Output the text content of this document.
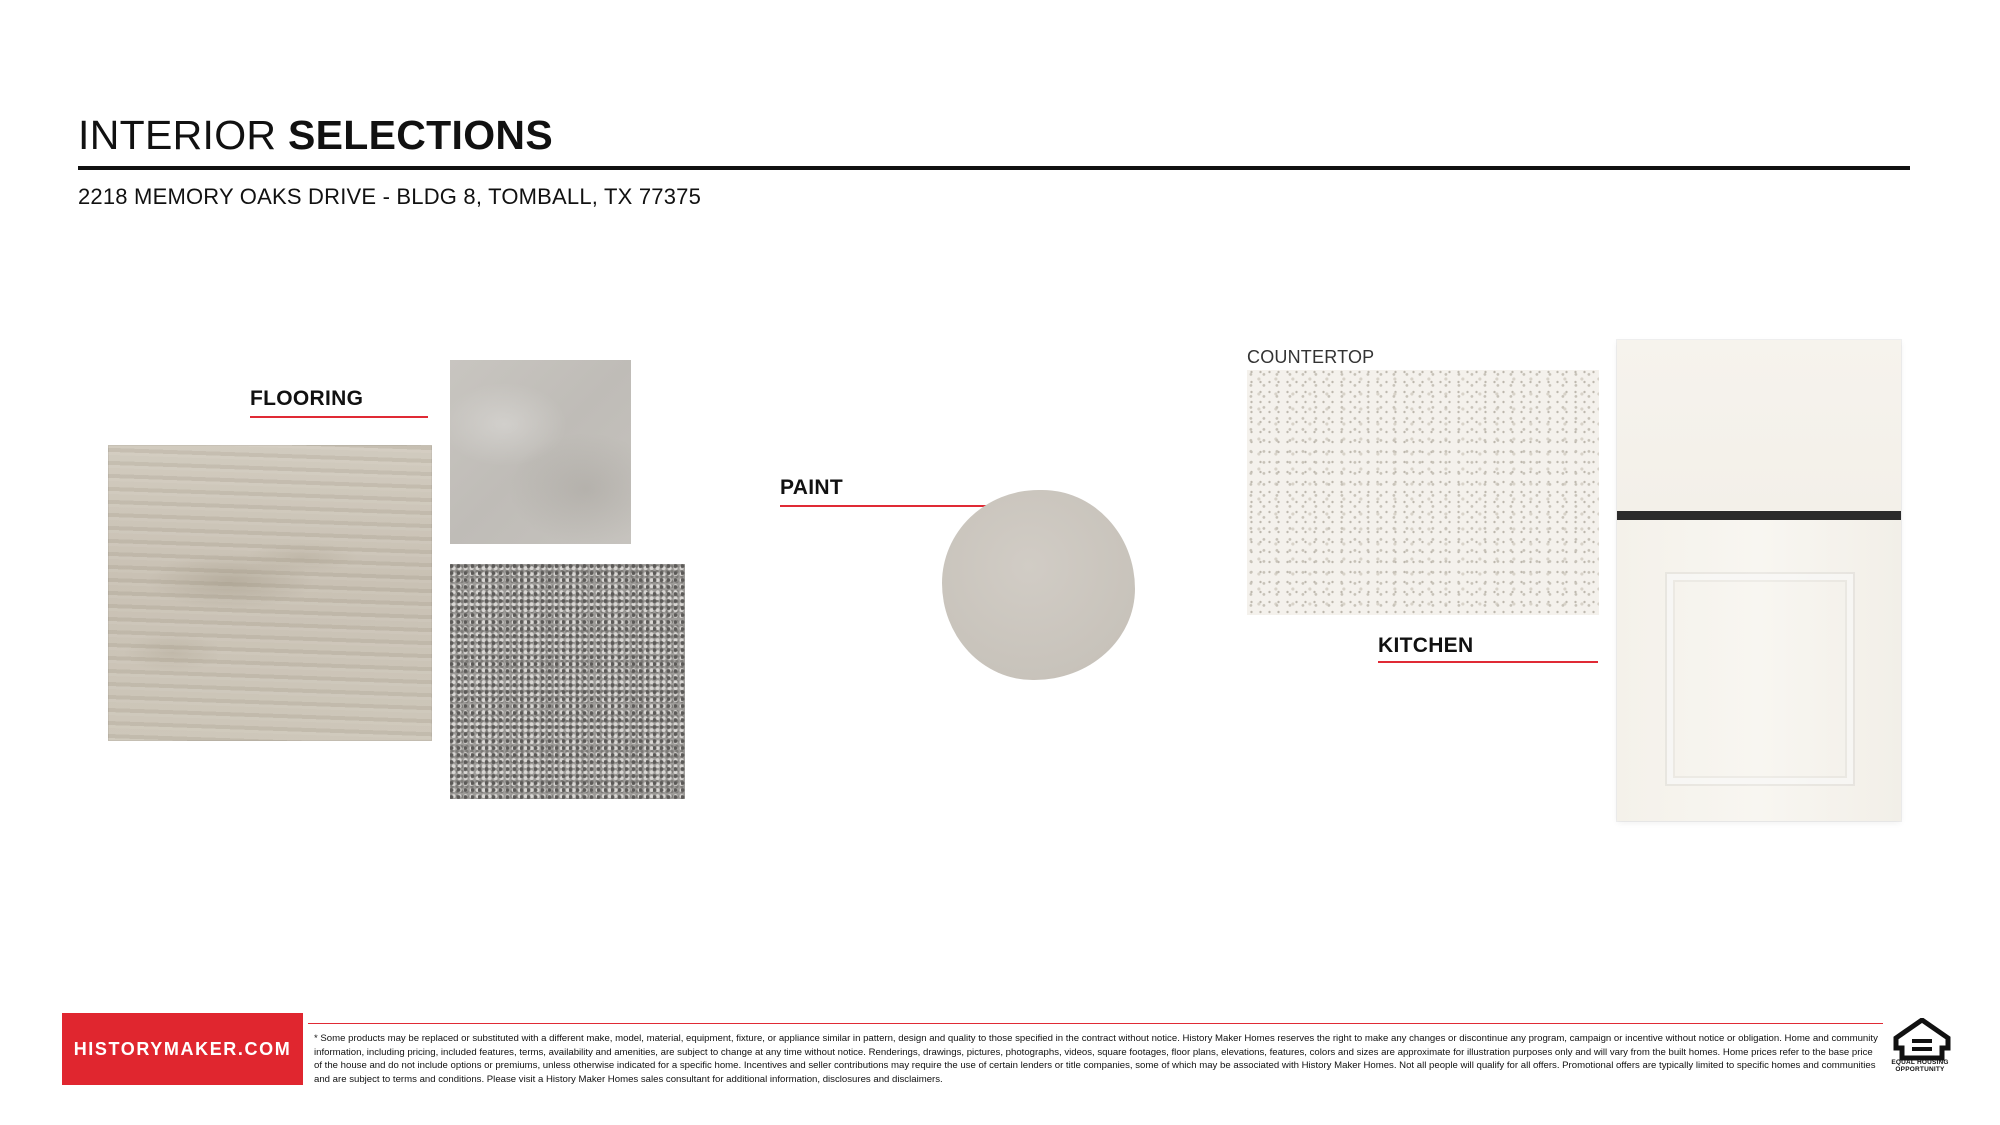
INTERIOR SELECTIONS
2218 MEMORY OAKS DRIVE - BLDG 8, TOMBALL, TX 77375
FLOORING
PAINT
COUNTERTOP
KITCHEN
HISTORYMAKER.COM	* Some products may be replaced or substituted with a different make, model, material, equipment, fixture, or appliance similar in pattern, design and quality to those specified in the contract without notice. History Maker Homes reserves the right to make any changes or discontinue any program, campaign or incentive without notice or obligation. Home and community information, including pricing, included features, terms, availability and amenities, are subject to change at any time without notice. Renderings, drawings, pictures, photographs, videos, square footages, floor plans, elevations, features, colors and sizes are approximate for illustration purposes only and will vary from the built homes. Home prices refer to the base price of the house and do not include options or premiums, unless otherwise indicated for a specific home. Incentives and seller contributions may require the use of certain lenders or title companies, some of which may be associated with History Maker Homes. Not all people will qualify for all offers. Promotional offers are typically limited to specific homes and communities and are subject to terms and conditions. Please visit a History Maker Homes sales consultant for additional information, disclosures and disclaimers.
EQUAL HOUSING OPPORTUNITY
